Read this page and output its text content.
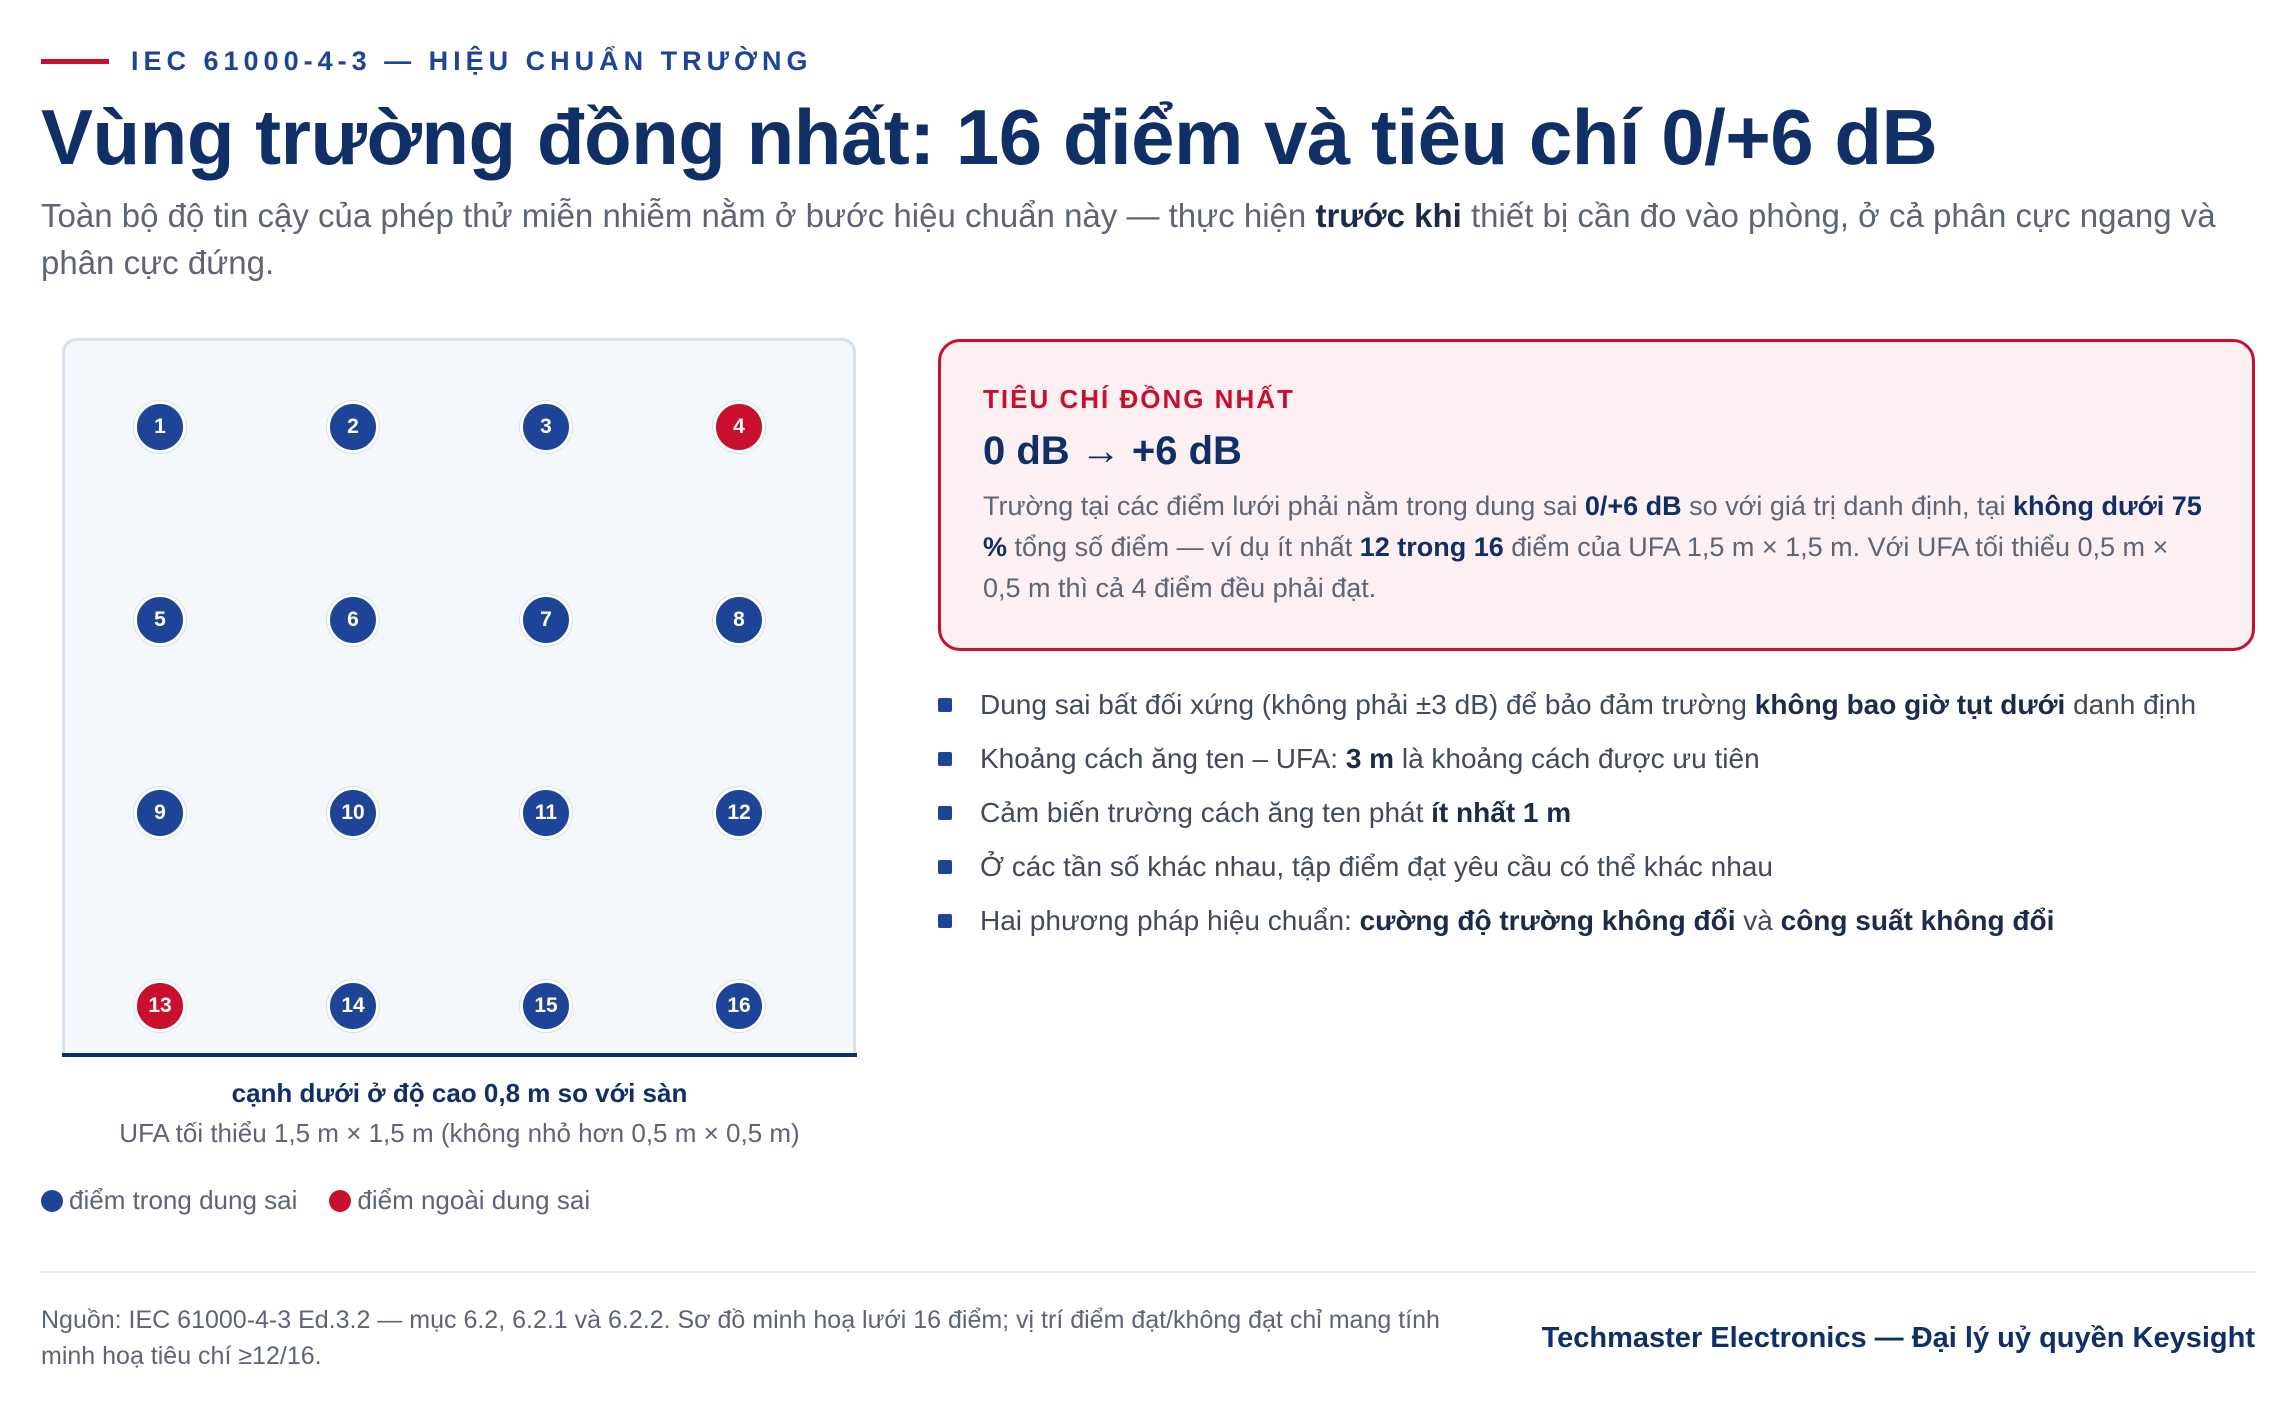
IEC 61000-4-3 — HIỆU CHUẨN TRƯỜNG
Vùng trường đồng nhất: 16 điểm và tiêu chí 0/+6 dB
Toàn bộ độ tin cậy của phép thử miễn nhiễm nằm ở bước hiệu chuẩn này — thực hiện trước khi thiết bị cần đo vào phòng, ở cả phân cực ngang và phân cực đứng.
1	2	3	4
5	6	7	8
9	10	11	12
13	14	15	16
cạnh dưới ở độ cao 0,8 m so với sàn
UFA tối thiểu 1,5 m × 1,5 m (không nhỏ hơn 0,5 m × 0,5 m)
điểm trong dung sai điểm ngoài dung sai
TIÊU CHÍ ĐỒNG NHẤT
0 dB → +6 dB
Trường tại các điểm lưới phải nằm trong dung sai 0/+6 dB so với giá trị danh định, tại không dưới 75 % tổng số điểm — ví dụ ít nhất 12 trong 16 điểm của UFA 1,5 m × 1,5 m. Với UFA tối thiểu 0,5 m × 0,5 m thì cả 4 điểm đều phải đạt.
Dung sai bất đối xứng (không phải ±3 dB) để bảo đảm trường không bao giờ tụt dưới danh định
Khoảng cách ăng ten – UFA: 3 m là khoảng cách được ưu tiên
Cảm biến trường cách ăng ten phát ít nhất 1 m
Ở các tần số khác nhau, tập điểm đạt yêu cầu có thể khác nhau
Hai phương pháp hiệu chuẩn: cường độ trường không đổi và công suất không đổi
Nguồn: IEC 61000-4-3 Ed.3.2 — mục 6.2, 6.2.1 và 6.2.2. Sơ đồ minh hoạ lưới 16 điểm; vị trí điểm đạt/không đạt chỉ mang tính minh hoạ tiêu chí ≥12/16.
Techmaster Electronics — Đại lý uỷ quyền Keysight
